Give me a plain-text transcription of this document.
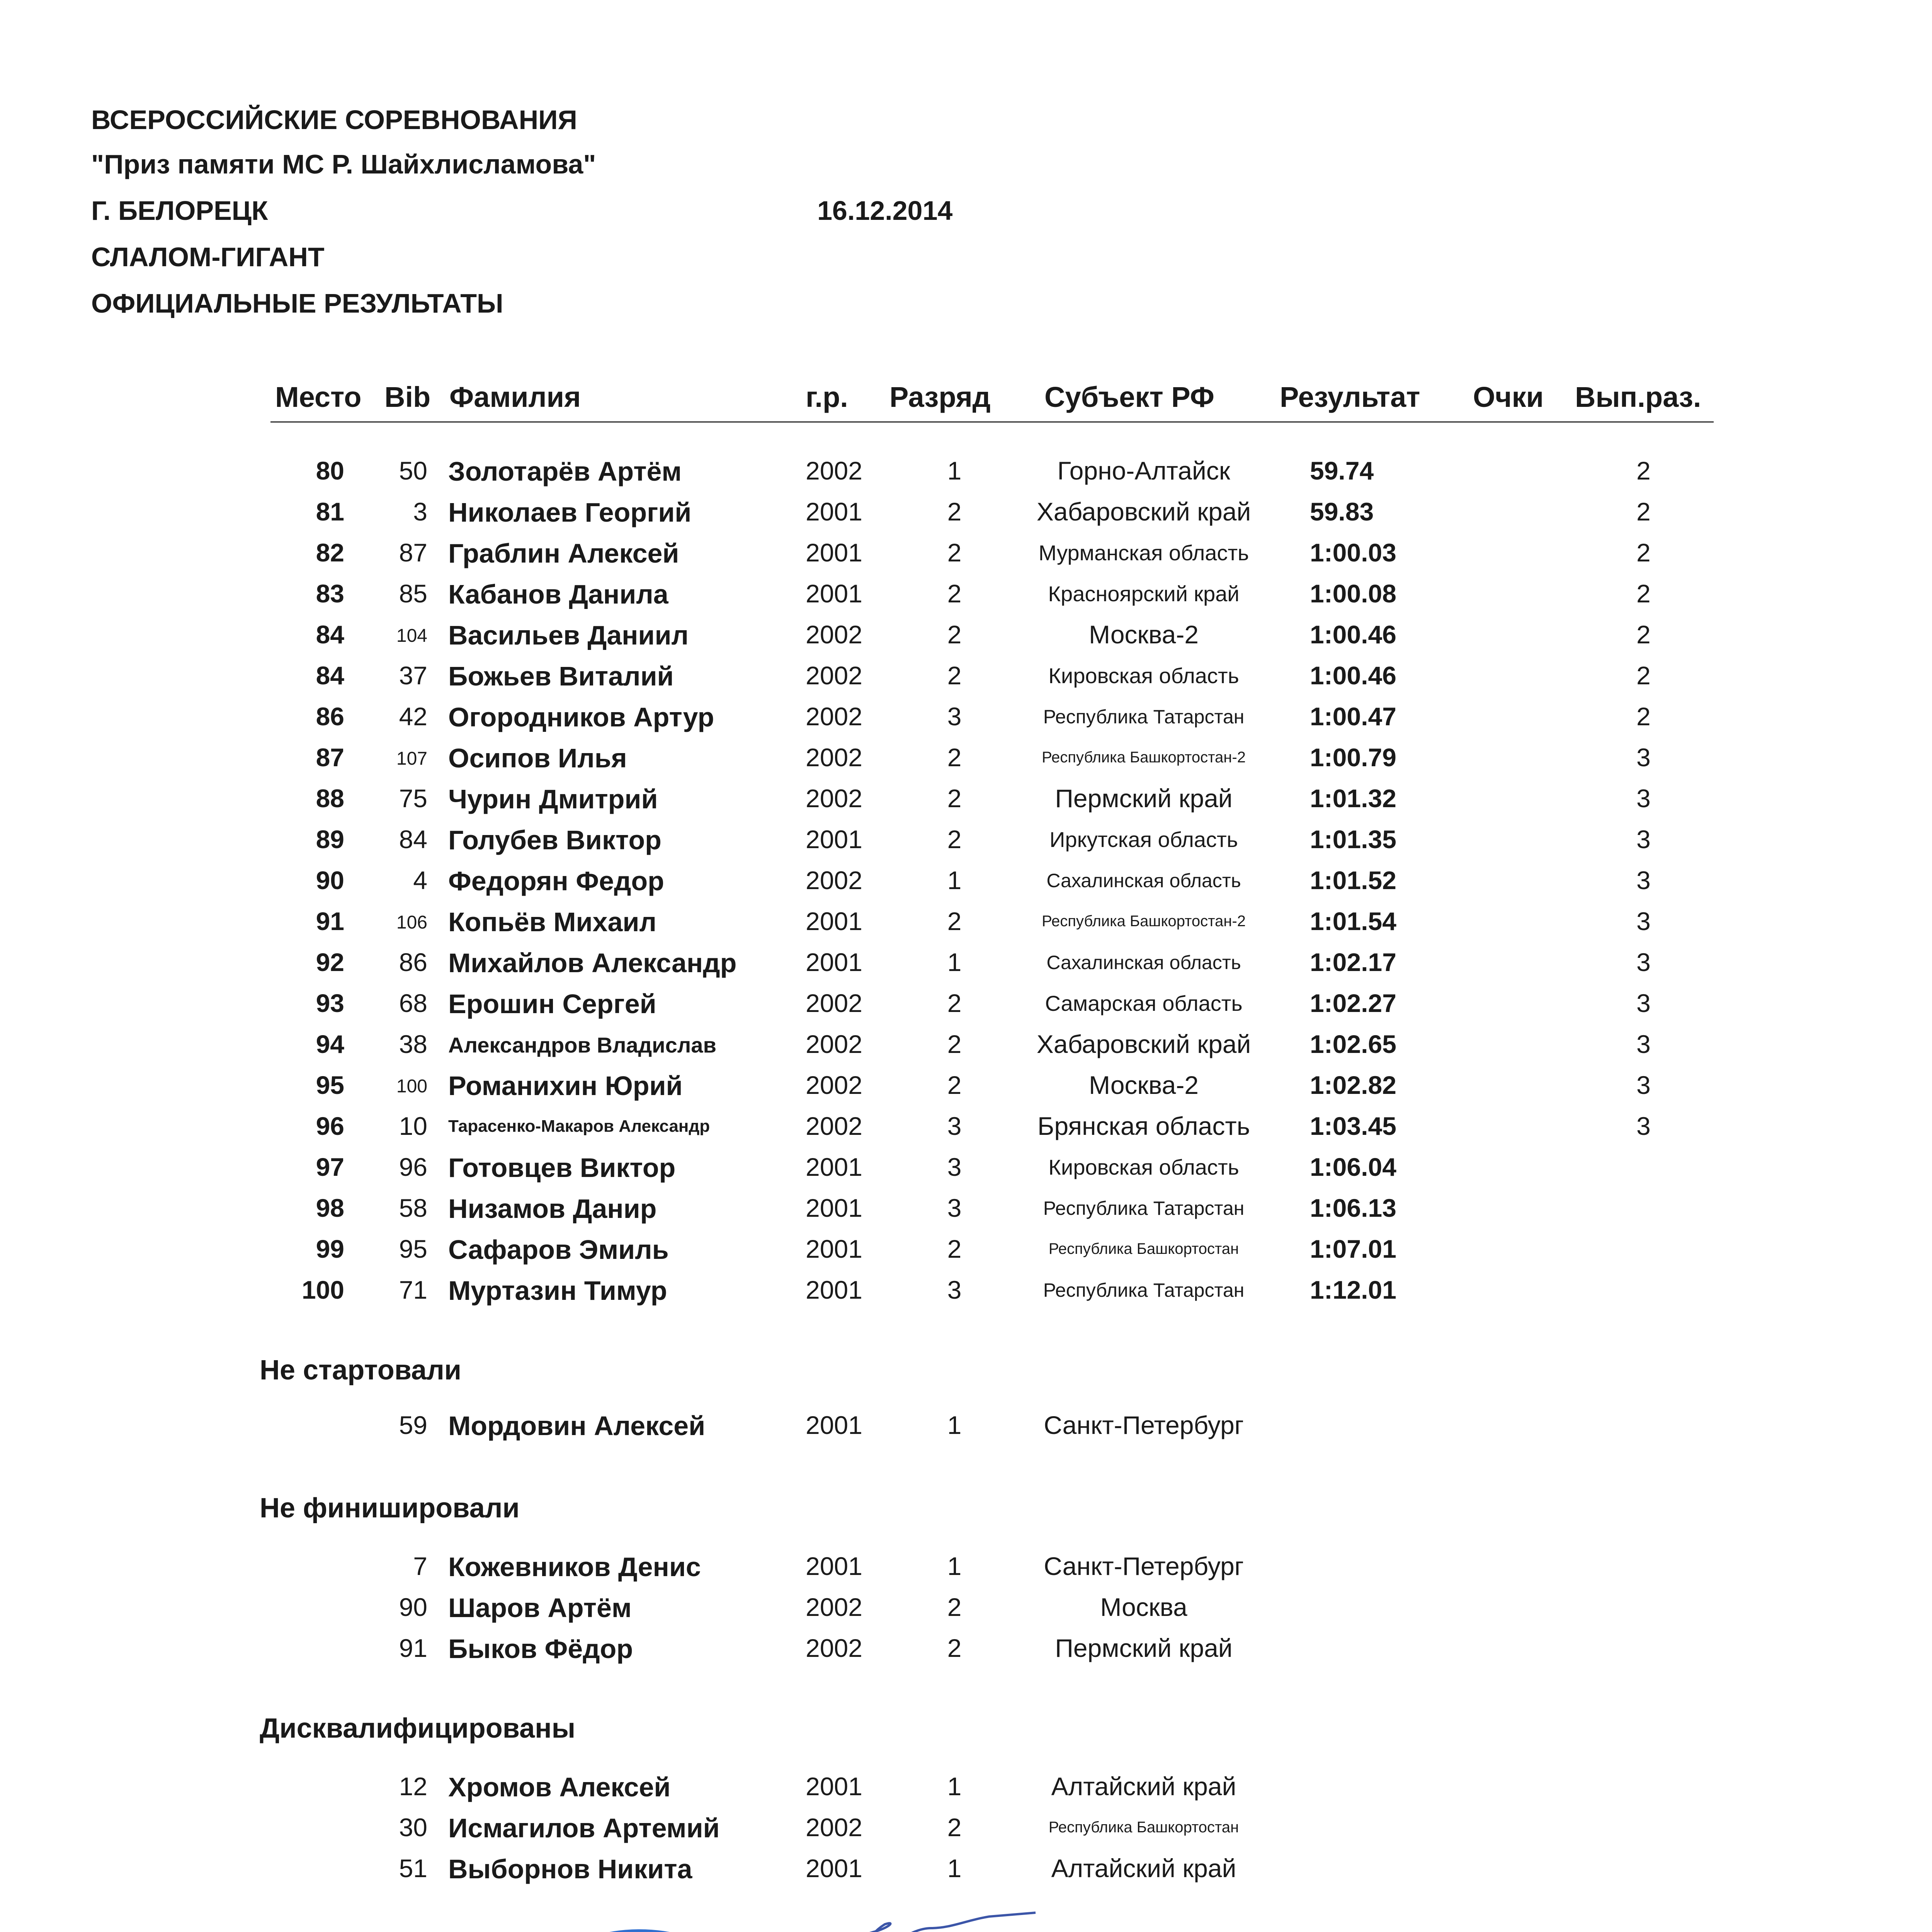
ВСЕРОССИЙСКИЕ СОРЕВНОВАНИЯ
"Приз памяти МС Р. Шайхлисламова"
Г. БЕЛОРЕЦК	16.12.2014
СЛАЛОМ-ГИГАНТ
ОФИЦИАЛЬНЫЕ РЕЗУЛЬТАТЫ
Место Bib Фамилия	г.р. Разряд Субъект РФ Результат Очки Вып.раз.
80	50 Золотарёв Артём	2002	1	Горно-Алтайск	59.74	2
81	3 Николаев Георгий	2001	2	Хабаровский край 59.83	2
82	87 Граблин Алексей	2001	2	Мурманская область 1:00.03	2
83	85 Кабанов Данила	2001	2	Красноярский край	1:00.08	2
84	104 Васильев Даниил	2002	2	Москва-2	1:00.46	2
84	37 Божьев Виталий	2002	2	Кировская область	1:00.46	2
86	42 Огородников Артур	2002	3	Республика Татарстан	1:00.47	2
87	107 Осипов Илья	2002	2	Республика Башкортостан-2	1:00.79	3
88	75 Чурин Дмитрий	2002	2	Пермский край	1:01.32	3
89	84 Голубев Виктор	2001	2	Иркутская область	1:01.35	3
90	4 Федорян Федор	2002	1	Сахалинская область	1:01.52	3
91	106 Копьёв Михаил	2001	2	Республика Башкортостан-2	1:01.54	3
92	86 Михайлов Александр	2001	1	Сахалинская область	1:02.17	3
93	68 Ерошин Сергей	2002	2	Самарская область	1:02.27	3
94	38 Александров Владислав	2002	2	Хабаровский край 1:02.65	3
95	100 Романихин Юрий	2002	2	Москва-2	1:02.82	3
96	10 Тарасенко-Макаров Александр	2002	3	Брянская область 1:03.45	3
97	96 Готовцев Виктор	2001	3	Кировская область	1:06.04
98	58 Низамов Данир	2001	3	Республика Татарстан	1:06.13
99	95 Сафаров Эмиль	2001	2	Республика Башкортостан	1:07.01
100	71 Муртазин Тимур	2001	3	Республика Татарстан	1:12.01
Не стартовали
59 Мордовин Алексей	2001	1	Санкт-Петербург
Не финишировали
7 Кожевников Денис	2001	1	Санкт-Петербург
90 Шаров Артём	2002	2	Москва
91 Быков Фёдор	2002	2	Пермский край
Дисквалифицированы
12 Хромов Алексей	2001	1	Алтайский край
30 Исмагилов Артемий	2002	2	Республика Башкортостан
51 Выборнов Никита	2001	1	Алтайский край
